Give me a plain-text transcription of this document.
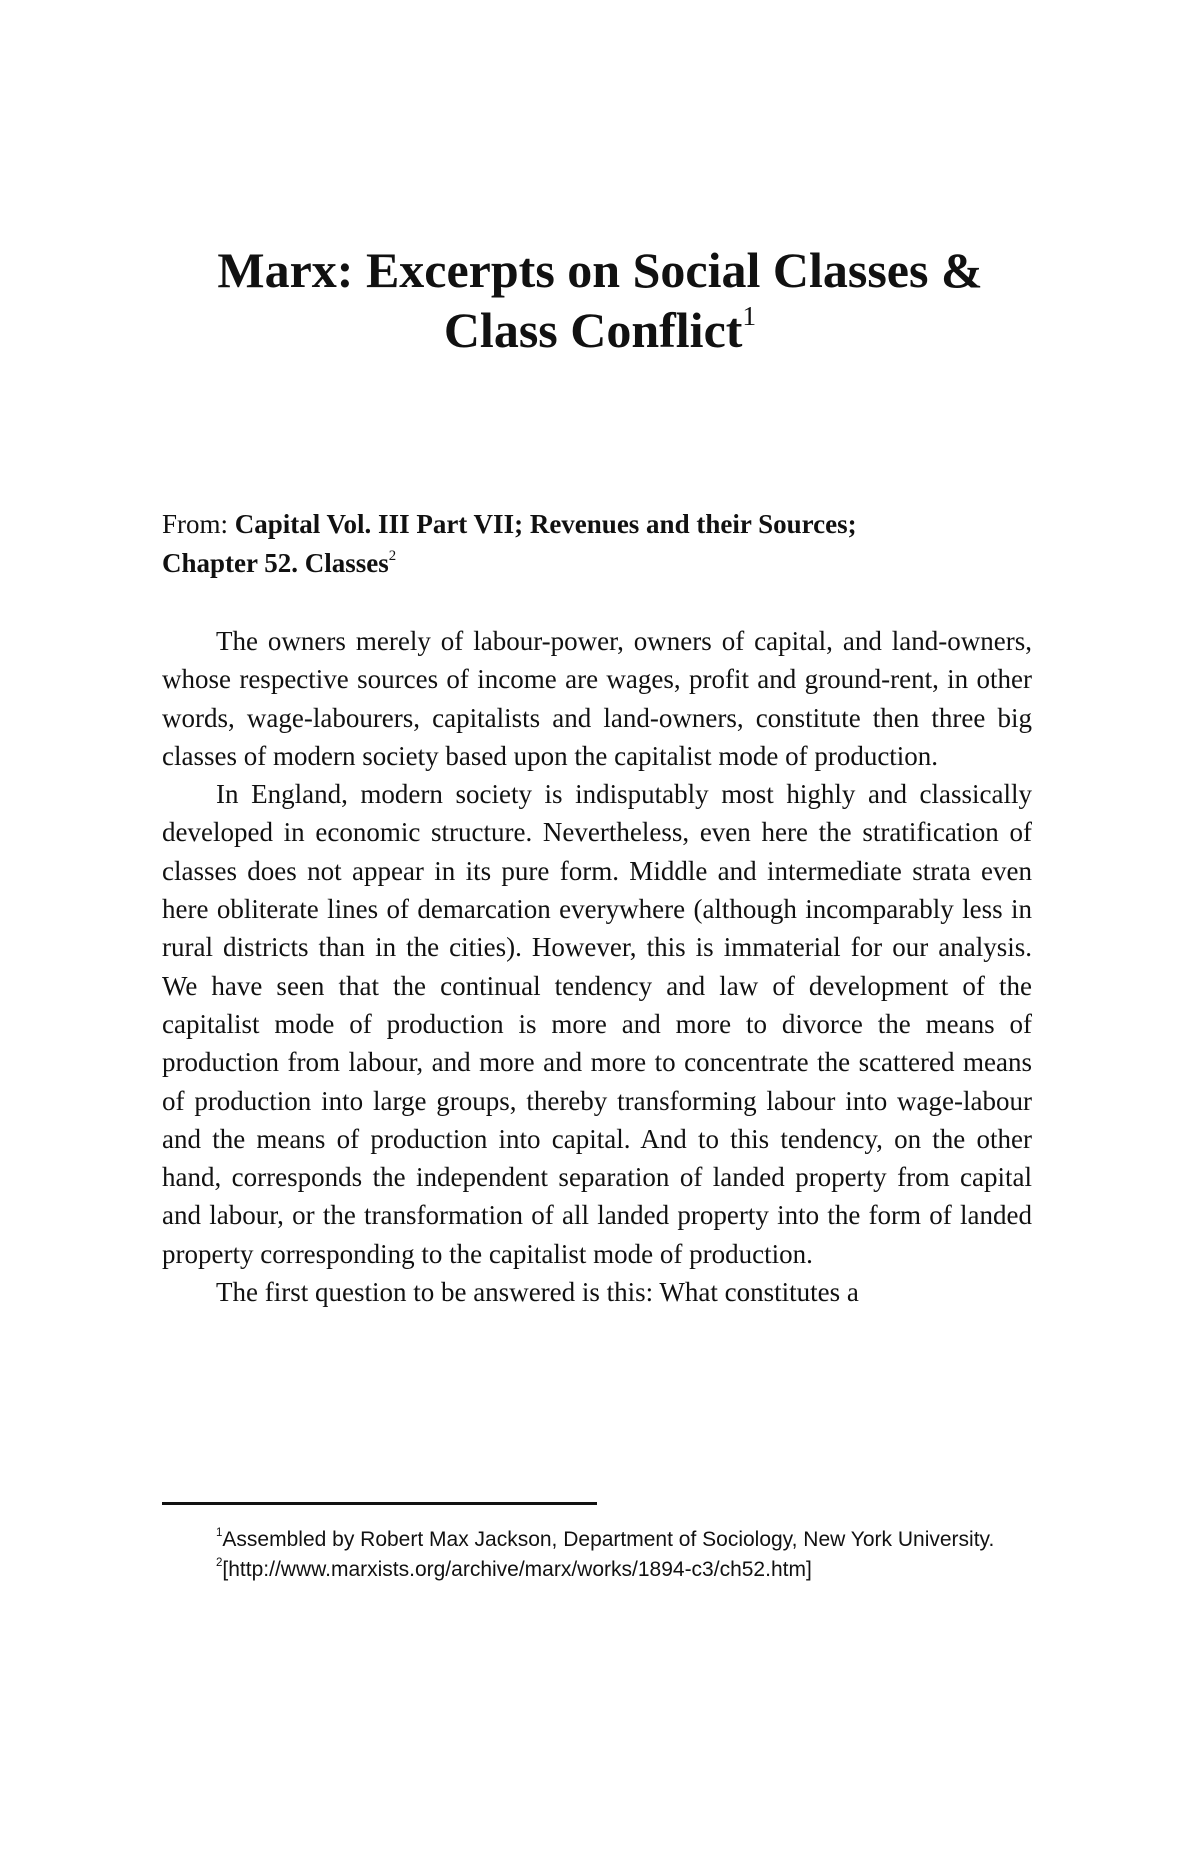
Marx: Excerpts on Social Classes &
Class Conflict$^1$

From: Capital Vol. III Part VII; Revenues and their Sources;
Chapter 52. Classes$^2$

The owners merely of labour-power, owners of capital, and land-owners, whose respective sources of income are wages, profit and ground-rent, in other words, wage-labourers, capitalists and land-owners, constitute then three big classes of modern society based upon the capitalist mode of production.

In England, modern society is indisputably most highly and classically developed in economic structure. Nevertheless, even here the stratification of classes does not appear in its pure form. Middle and intermediate strata even here obliterate lines of demarcation everywhere (although incomparably less in rural districts than in the cities). However, this is immaterial for our analysis. We have seen that the continual tendency and law of development of the capitalist mode of production is more and more to divorce the means of production from labour, and more and more to concentrate the scattered means of production into large groups, thereby transforming labour into wage-labour and the means of production into capital. And to this tendency, on the other hand, corresponds the independent separation of landed property from capital and labour, or the transformation of all landed property into the form of landed property corresponding to the capitalist mode of production.

The first question to be answered is this: What constitutes a

$^1$Assembled by Robert Max Jackson, Department of Sociology, New York University.

$^2$[http://www.marxists.org/archive/marx/works/1894-c3/ch52.htm]
